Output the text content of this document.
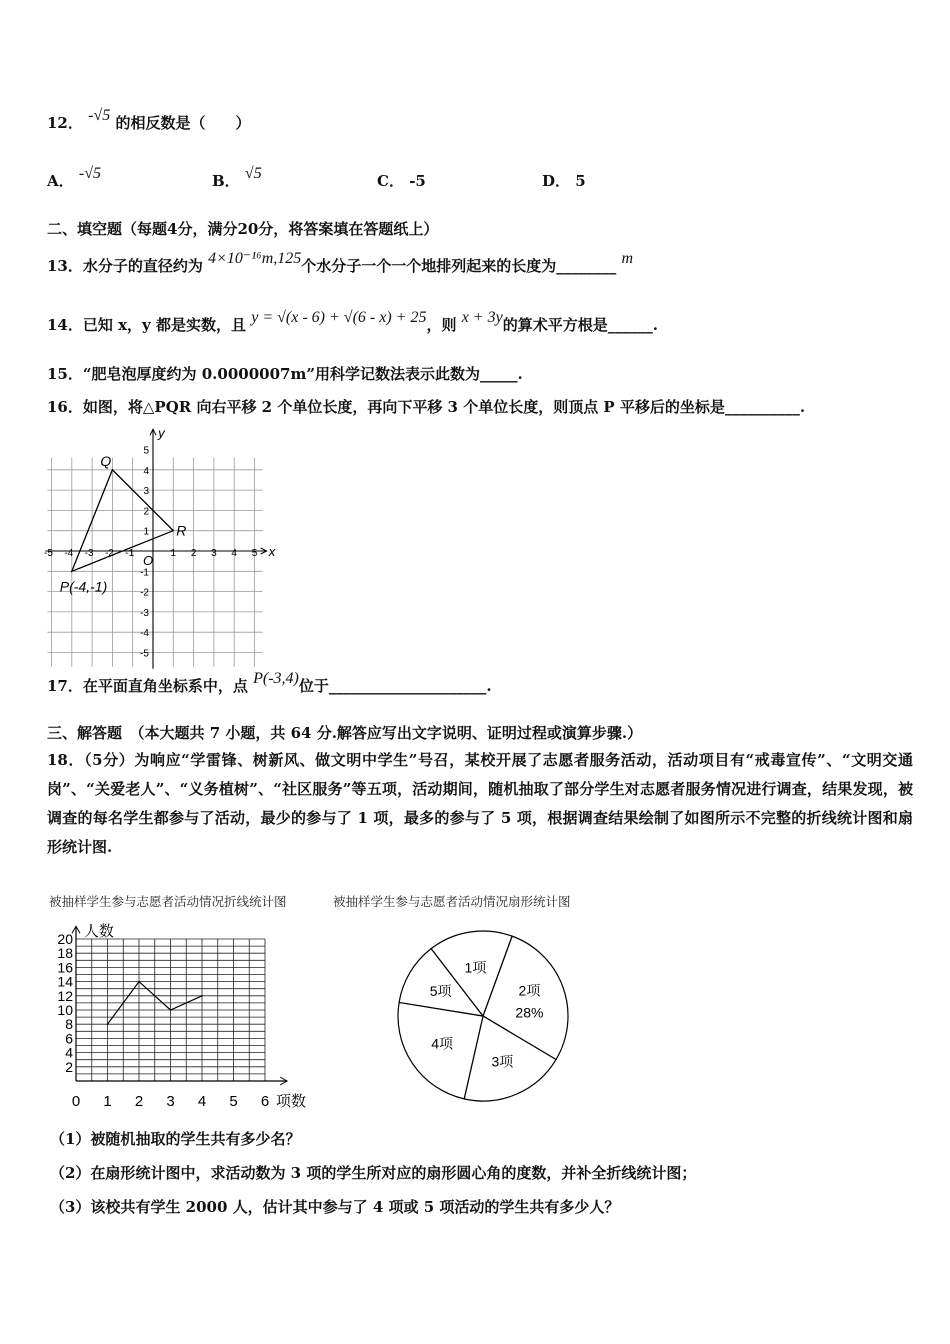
12． -√5 的相反数是（　　）
A． -√5	B． √5	C． -5	D． 5
二、填空题（每题4分，满分20分，将答案填在答题纸上）
13．水分子的直径约为 4×10⁻¹⁶m,125个水分子一个一个地排列起来的长度为________ m
14．已知 x，y 都是实数，且 y = √(x - 6) + √(6 - x) + 25，则 x + 3y的算术平方根是______.
15．“肥皂泡厚度约为 0.0000007m”用科学记数法表示此数为_____.
16．如图，将△PQR 向右平移 2 个单位长度，再向下平移 3 个单位长度，则顶点 P 平移后的坐标是__________.
-5 -4 -3 -2 -1	1 2 3 4 5
5
4
3
2
1
-1
-2
-3
-4
-5
O
x
y
Q
R
P(-4,-1)
17．在平面直角坐标系中，点 P(-3,4)位于_____________________.
三、解答题　（本大题共 7 小题，共 64 分.解答应写出文字说明、证明过程或演算步骤.）
18．（5分）为响应“学雷锋、树新风、做文明中学生”号召，某校开展了志愿者服务活动，活动项目有“戒毒宣传”、“文明交通岗”、“关爱老人”、“义务植树”、“社区服务”等五项，活动期间，随机抽取了部分学生对志愿者服务情况进行调查，结果发现，被调查的每名学生都参与了活动，最少的参与了 1 项，最多的参与了 5 项，根据调查结果绘制了如图所示不完整的折线统计图和扇形统计图.
被抽样学生参与志愿者活动情况折线统计图	被抽样学生参与志愿者活动情况扇形统计图
2
4
6
8
10
12
14
16
18
20
0 1 2 3 4 5 6
人数
项数
2项
28%
3项
4项
5项
1项
（1）被随机抽取的学生共有多少名？
（2）在扇形统计图中，求活动数为 3 项的学生所对应的扇形圆心角的度数，并补全折线统计图；
（3）该校共有学生 2000 人，估计其中参与了 4 项或 5 项活动的学生共有多少人？
